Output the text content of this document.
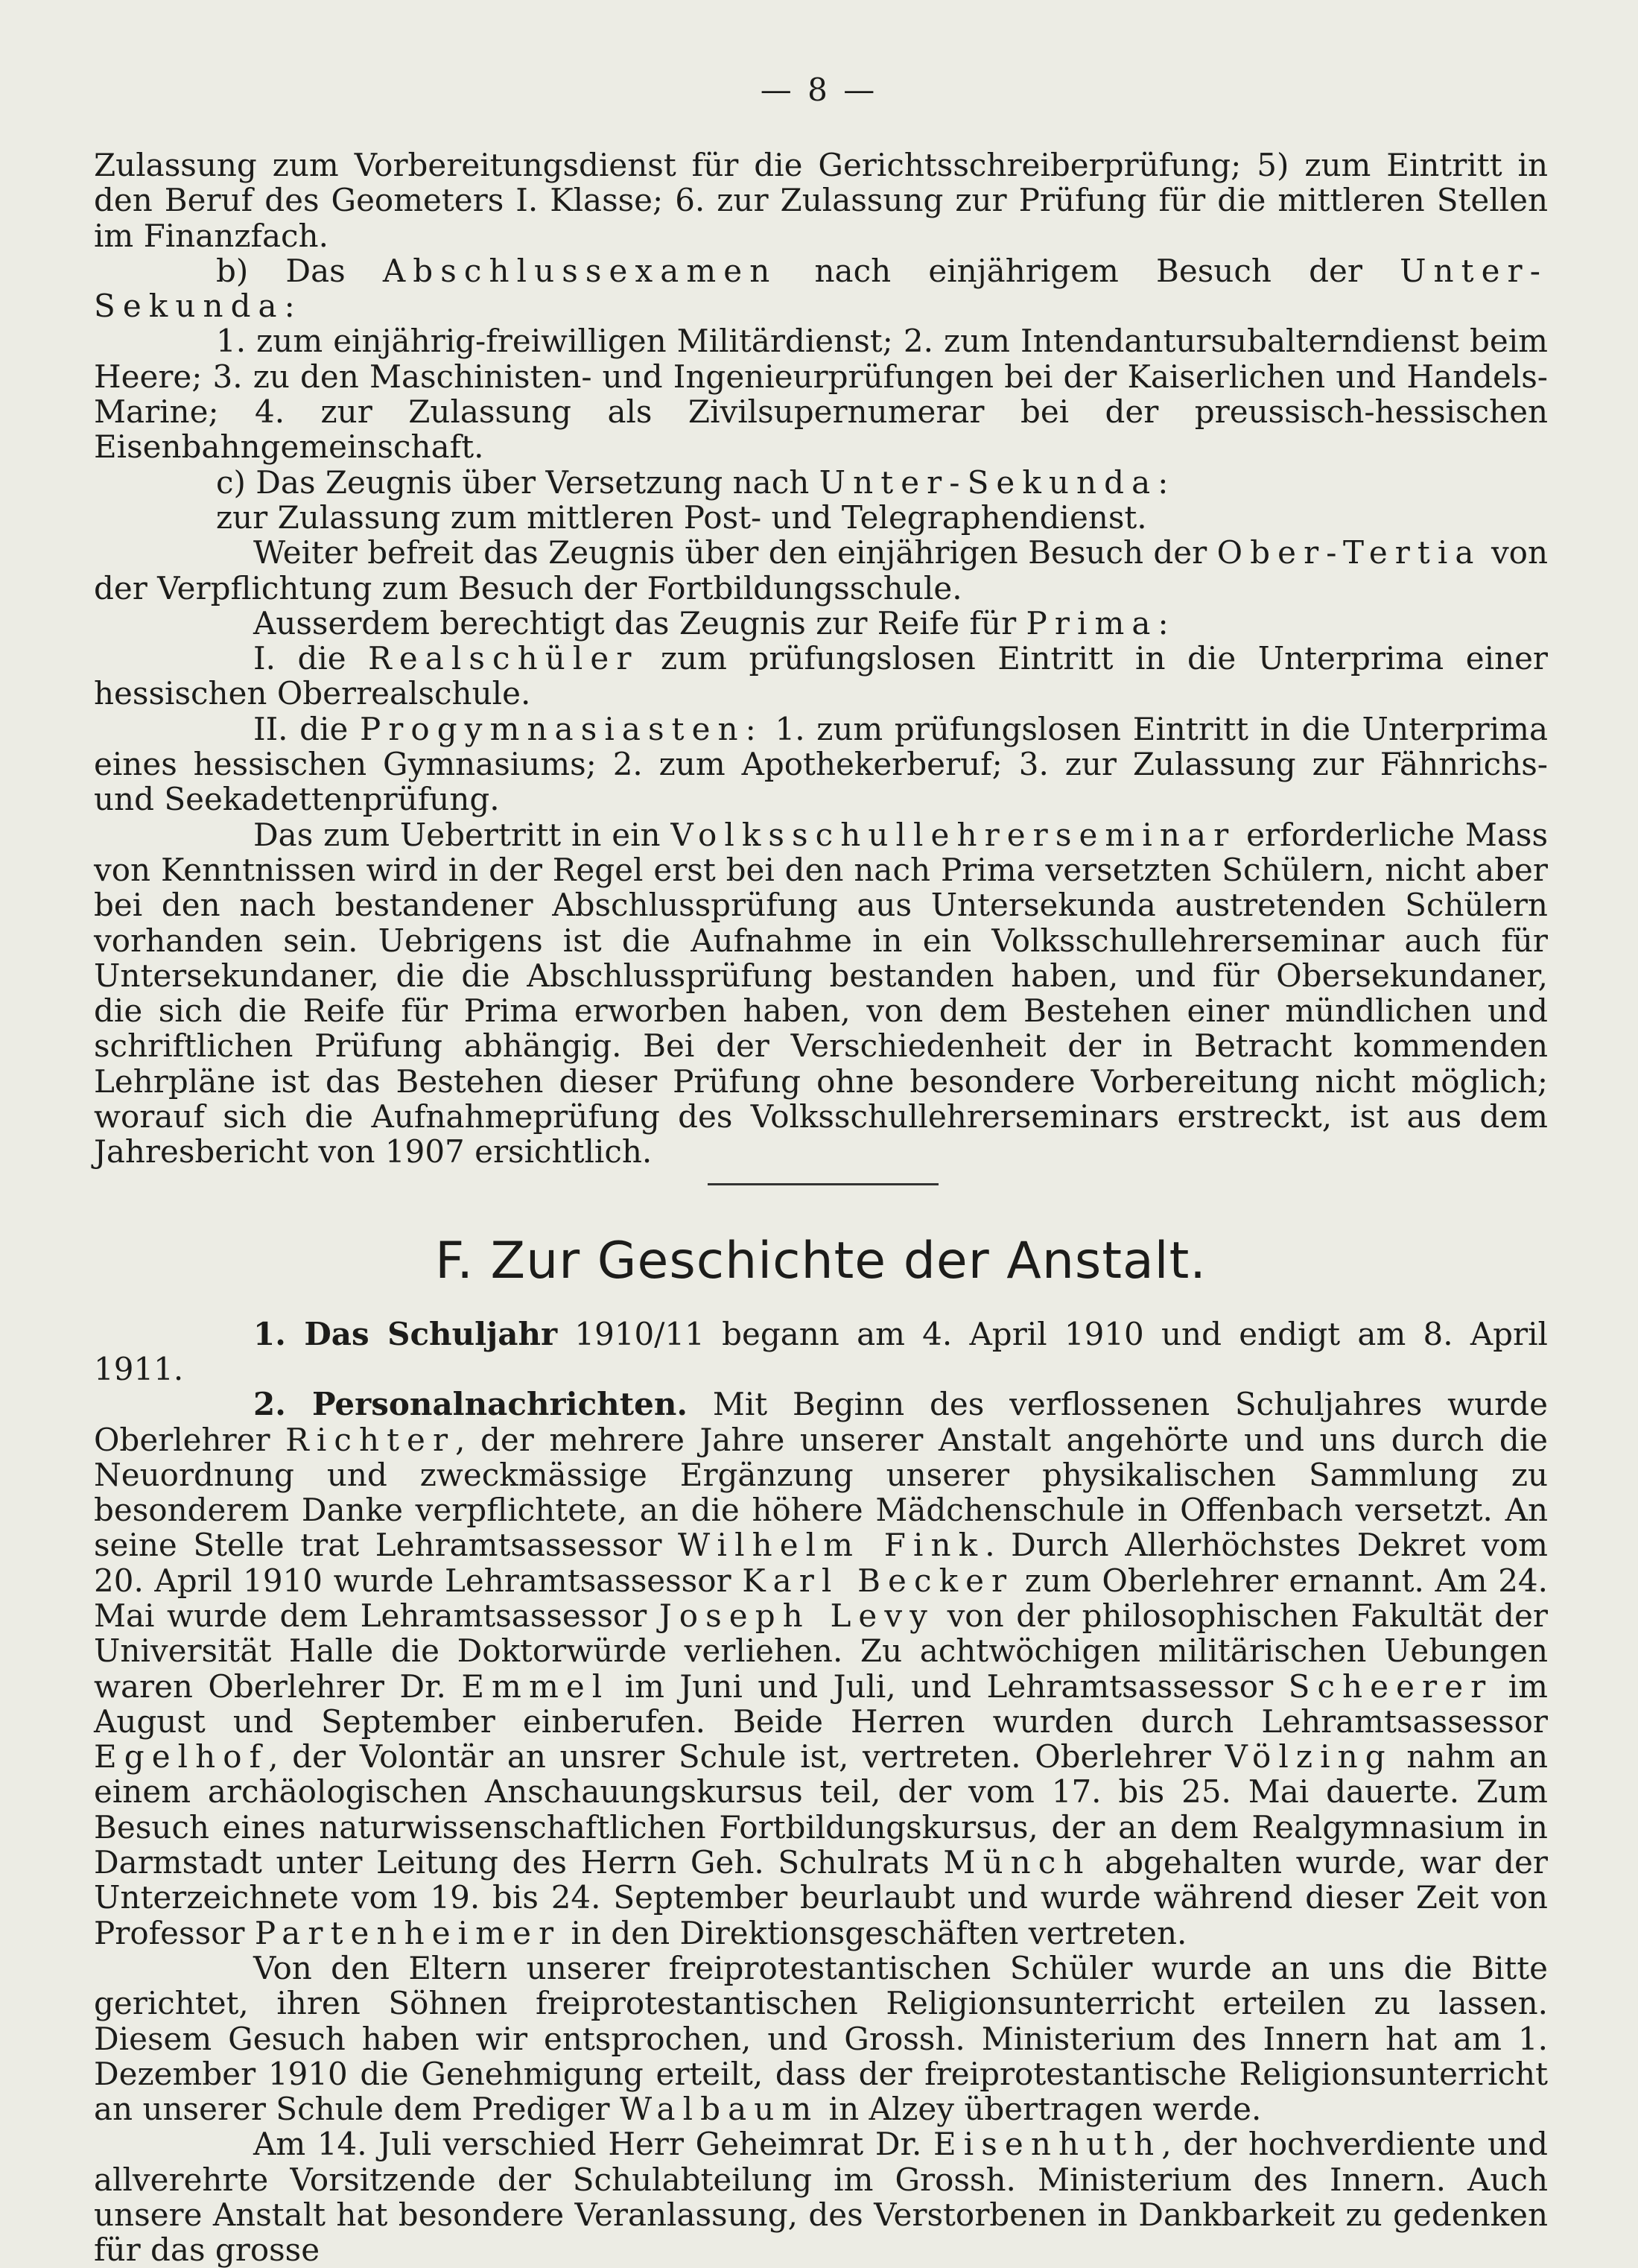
— 8 —

Zulassung zum Vorbereitungsdienst für die Gerichtsschreiberprüfung; 5) zum Eintritt in den Beruf des Geometers I. Klasse; 6. zur Zulassung zur Prüfung für die mittleren Stellen im Finanzfach.

b) Das Abschlussexamen nach einjährigem Besuch der Unter-Sekunda:

1. zum einjährig-freiwilligen Militärdienst; 2. zum Intendantursubalterndienst beim Heere; 3. zu den Maschinisten- und Ingenieurprüfungen bei der Kaiserlichen und Handels-Marine; 4. zur Zulassung als Zivilsupernumerar bei der preussisch-hessischen Eisenbahngemeinschaft.

c) Das Zeugnis über Versetzung nach Unter-Sekunda:

zur Zulassung zum mittleren Post- und Telegraphendienst.

Weiter befreit das Zeugnis über den einjährigen Besuch der Ober-Tertia von der Verpflichtung zum Besuch der Fortbildungsschule.

Ausserdem berechtigt das Zeugnis zur Reife für Prima:

I. die Realschüler zum prüfungslosen Eintritt in die Unterprima einer hessischen Oberrealschule.

II. die Progymnasiasten: 1. zum prüfungslosen Eintritt in die Unterprima eines hessischen Gymnasiums; 2. zum Apothekerberuf; 3. zur Zulassung zur Fähnrichs- und Seekadettenprüfung.

Das zum Uebertritt in ein Volksschullehrerseminar erforderliche Mass von Kenntnissen wird in der Regel erst bei den nach Prima versetzten Schülern, nicht aber bei den nach bestandener Abschlussprüfung aus Untersekunda austretenden Schülern vorhanden sein. Uebrigens ist die Aufnahme in ein Volksschullehrerseminar auch für Untersekundaner, die die Abschlussprüfung bestanden haben, und für Obersekundaner, die sich die Reife für Prima erworben haben, von dem Bestehen einer mündlichen und schriftlichen Prüfung abhängig. Bei der Verschiedenheit der in Betracht kommenden Lehrpläne ist das Bestehen dieser Prüfung ohne besondere Vorbereitung nicht möglich; worauf sich die Aufnahmeprüfung des Volksschullehrerseminars erstreckt, ist aus dem Jahresbericht von 1907 ersichtlich.

F. Zur Geschichte der Anstalt.

1. Das Schuljahr 1910/11 begann am 4. April 1910 und endigt am 8. April 1911.

2. Personalnachrichten. Mit Beginn des verflossenen Schuljahres wurde Oberlehrer Richter, der mehrere Jahre unserer Anstalt angehörte und uns durch die Neuordnung und zweckmässige Ergänzung unserer physikalischen Sammlung zu besonderem Danke verpflichtete, an die höhere Mädchenschule in Offenbach versetzt. An seine Stelle trat Lehramtsassessor Wilhelm Fink. Durch Allerhöchstes Dekret vom 20. April 1910 wurde Lehramtsassessor Karl Becker zum Oberlehrer ernannt. Am 24. Mai wurde dem Lehramtsassessor Joseph Levy von der philosophischen Fakultät der Universität Halle die Doktorwürde verliehen. Zu achtwöchigen militärischen Uebungen waren Oberlehrer Dr. Emmel im Juni und Juli, und Lehramtsassessor Scheerer im August und September einberufen. Beide Herren wurden durch Lehramtsassessor Egelhof, der Volontär an unsrer Schule ist, vertreten. Oberlehrer Völzing nahm an einem archäologischen Anschauungskursus teil, der vom 17. bis 25. Mai dauerte. Zum Besuch eines naturwissenschaftlichen Fortbildungskursus, der an dem Realgymnasium in Darmstadt unter Leitung des Herrn Geh. Schulrats Münch abgehalten wurde, war der Unterzeichnete vom 19. bis 24. September beurlaubt und wurde während dieser Zeit von Professor Partenheimer in den Direktionsgeschäften vertreten.

Von den Eltern unserer freiprotestantischen Schüler wurde an uns die Bitte gerichtet, ihren Söhnen freiprotestantischen Religionsunterricht erteilen zu lassen. Diesem Gesuch haben wir entsprochen, und Grossh. Ministerium des Innern hat am 1. Dezember 1910 die Genehmigung erteilt, dass der freiprotestantische Religionsunterricht an unserer Schule dem Prediger Walbaum in Alzey übertragen werde.

Am 14. Juli verschied Herr Geheimrat Dr. Eisenhuth, der hochverdiente und allverehrte Vorsitzende der Schulabteilung im Grossh. Ministerium des Innern. Auch unsere Anstalt hat besondere Veranlassung, des Verstorbenen in Dankbarkeit zu gedenken für das grosse
